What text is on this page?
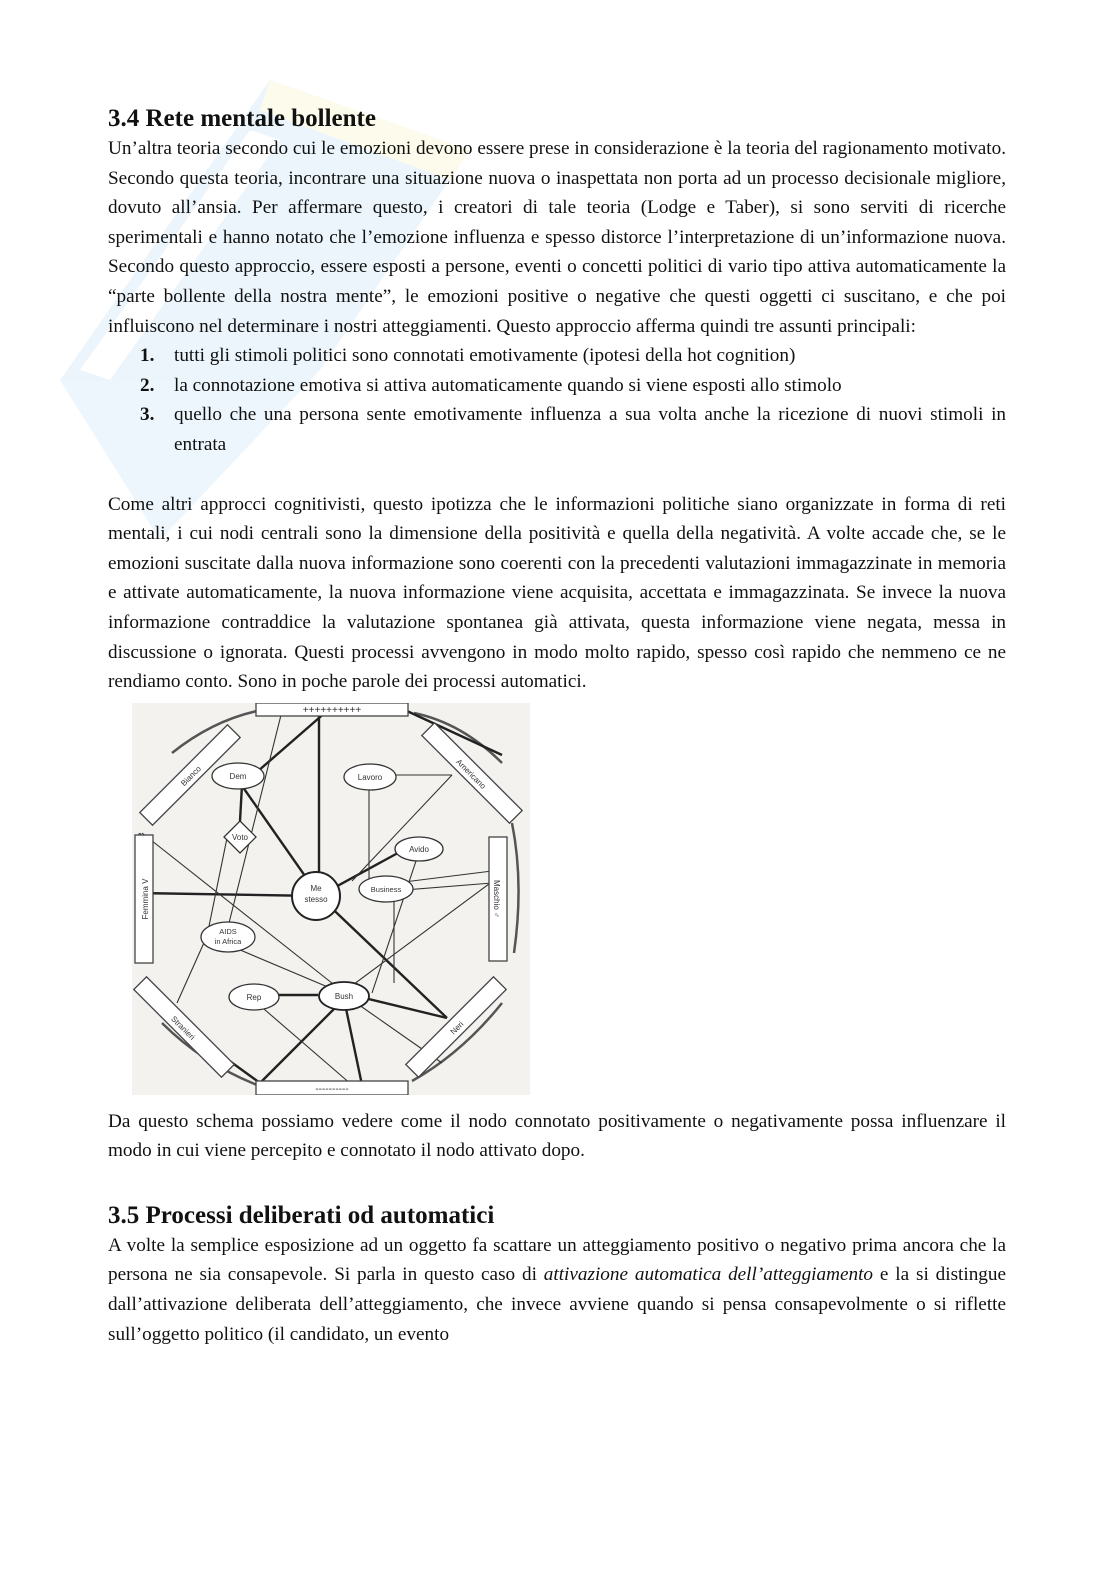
3.4 Rete mentale bollente

Un’altra teoria secondo cui le emozioni devono essere prese in considerazione è la teoria del ragionamento motivato. Secondo questa teoria, incontrare una situazione nuova o inaspettata non porta ad un processo decisionale migliore, dovuto all’ansia. Per affermare questo, i creatori di tale teoria (Lodge e Taber), si sono serviti di ricerche sperimentali e hanno notato che l’emozione influenza e spesso distorce l’interpretazione di un’informazione nuova. Secondo questo approccio, essere esposti a persone, eventi o concetti politici di vario tipo attiva automaticamente la “parte bollente della nostra mente”, le emozioni positive o negative che questi oggetti ci suscitano, e che poi influiscono nel determinare i nostri atteggiamenti. Questo approccio afferma quindi tre assunti principali:

1. tutti gli stimoli politici sono connotati emotivamente (ipotesi della hot cognition)
2. la connotazione emotiva si attiva automaticamente quando si viene esposti allo stimolo
3. quello che una persona sente emotivamente influenza a sua volta anche la ricezione di nuovi stimoli in entrata

Come altri approcci cognitivisti, questo ipotizza che le informazioni politiche siano organizzate in forma di reti mentali, i cui nodi centrali sono la dimensione della positività e quella della negatività. A volte accade che, se le emozioni suscitate dalla nuova informazione sono coerenti con la precedenti valutazioni immagazzinate in memoria e attivate automaticamente, la nuova informazione viene acquisita, accettata e immagazzinata. Se invece la nuova informazione contraddice la valutazione spontanea già attivata, questa informazione viene negata, messa in discussione o ignorata. Questi processi avvengono in modo molto rapido, spesso così rapido che nemmeno ce ne rendiamo conto. Sono in poche parole dei processi automatici.

++++++++++
----------
Bianco	Americano
Femmina V	Maschio ♂
Stranieri	Neri
Dem	Lavoro
Voto
Avido
Me
stesso
Business
AIDS
in Africa
Rep	Bush

Da questo schema possiamo vedere come il nodo connotato positivamente o negativamente possa influenzare il modo in cui viene percepito e connotato il nodo attivato dopo.

3.5 Processi deliberati od automatici

A volte la semplice esposizione ad un oggetto fa scattare un atteggiamento positivo o negativo prima ancora che la persona ne sia consapevole. Si parla in questo caso di attivazione automatica dell’atteggiamento e la si distingue dall’attivazione deliberata dell’atteggiamento, che invece avviene quando si pensa consapevolmente o si riflette sull’oggetto politico (il candidato, un evento
